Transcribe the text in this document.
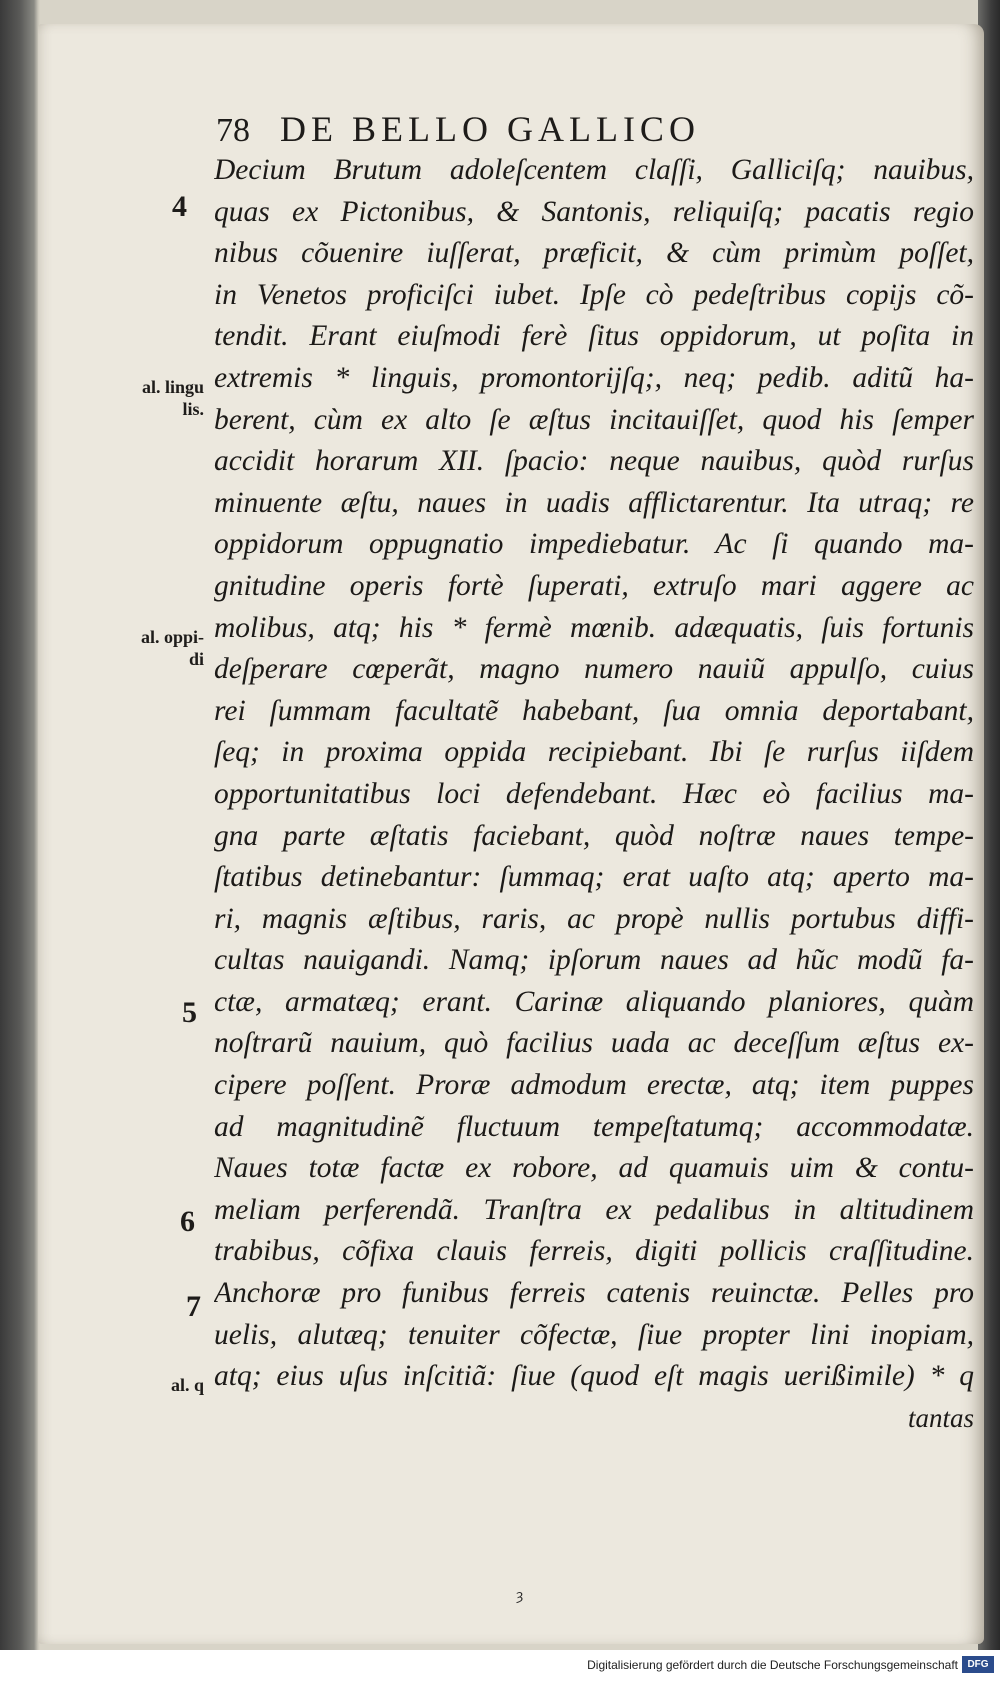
78 DE BELLO GALLICO
4
5
6
7
al. lingu
lis.
al. oppi-
di
al. q
Decium Brutum adoleſcentem claſſi, Galliciſq; nauibus,
quas ex Pictonibus, & Santonis, reliquiſq; pacatis regio
nibus cõuenire iuſſerat, præficit, & cùm primùm poſſet,
in Venetos proficiſci iubet. Ipſe cò pedeſtribus copijs cõ-
tendit. Erant eiuſmodi ferè ſitus oppidorum, ut poſita in
extremis * linguis, promontorijſq;, neq; pedib. aditũ ha-
berent, cùm ex alto ſe æſtus incitauiſſet, quod his ſemper
accidit horarum XII. ſpacio: neque nauibus, quòd rurſus
minuente æſtu, naues in uadis afflictarentur. Ita utraq; re
oppidorum oppugnatio impediebatur. Ac ſi quando ma-
gnitudine operis fortè ſuperati, extruſo mari aggere ac
molibus, atq; his * fermè mœnib. adæquatis, ſuis fortunis
deſperare cœperãt, magno numero nauiũ appulſo, cuius
rei ſummam facultatẽ habebant, ſua omnia deportabant,
ſeq; in proxima oppida recipiebant. Ibi ſe rurſus iiſdem
opportunitatibus loci defendebant. Hæc eò facilius ma-
gna parte æſtatis faciebant, quòd noſtræ naues tempe-
ſtatibus detinebantur: ſummaq; erat uaſto atq; aperto ma-
ri, magnis æſtibus, raris, ac propè nullis portubus diffi-
cultas nauigandi. Namq; ipſorum naues ad hũc modũ fa-
ctæ, armatæq; erant. Carinæ aliquando planiores, quàm
noſtrarũ nauium, quò facilius uada ac deceſſum æſtus ex-
cipere poſſent. Proræ admodum erectæ, atq; item puppes
ad magnitudinẽ fluctuum tempeſtatumq; accommodatæ.
Naues totæ factæ ex robore, ad quamuis uim & contu-
meliam perferendã. Tranſtra ex pedalibus in altitudinem
trabibus, cõfixa clauis ferreis, digiti pollicis craſſitudine.
Anchoræ pro funibus ferreis catenis reuinctæ. Pelles pro
uelis, alutæq; tenuiter cõfectæ, ſiue propter lini inopiam,
atq; eius uſus inſcitiã: ſiue (quod eſt magis uerißimile) * q
tantas
ȝ
Digitalisierung gefördert durch die Deutsche Forschungsgemeinschaft DFG
